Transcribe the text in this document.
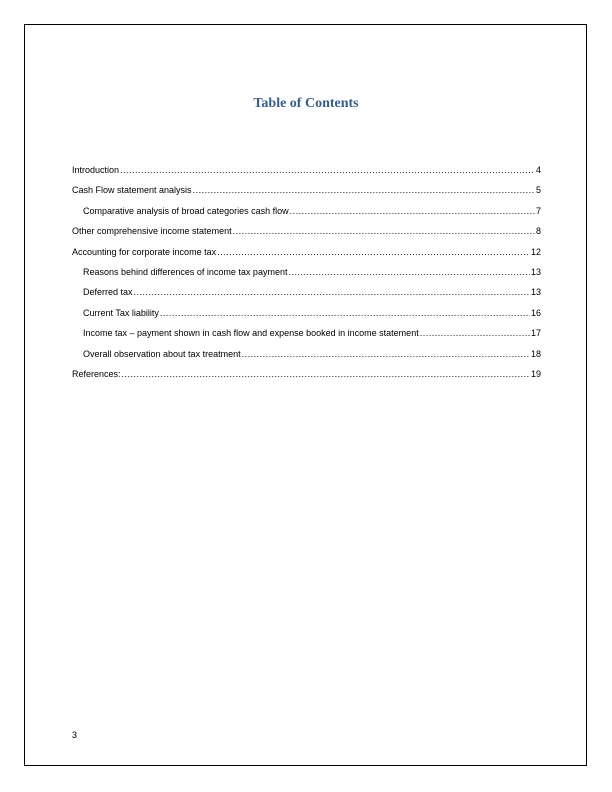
Table of Contents
Introduction .....	4
Cash Flow statement analysis .....	5
Comparative analysis of broad categories cash flow .....	7
Other comprehensive income statement .....	8
Accounting for corporate income tax .....	12
Reasons behind differences of income tax payment .....	13
Deferred tax .....	13
Current Tax liability .....	16
Income tax – payment shown in cash flow and expense booked in income statement .....	17
Overall observation about tax treatment .....	18
References: .....	19
3
